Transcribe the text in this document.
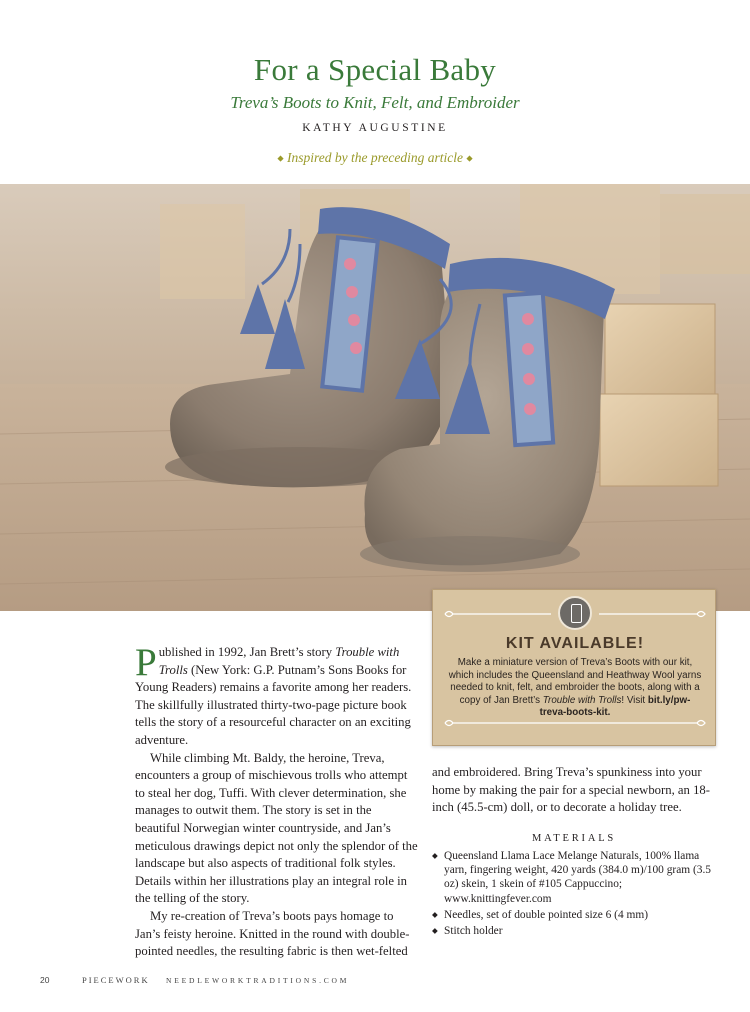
For a Special Baby
Treva’s Boots to Knit, Felt, and Embroider
KATHY AUGUSTINE
⬥ Inspired by the preceding article ⬥
KIT AVAILABLE!
Make a miniature version of Treva’s Boots with our kit, which includes the Queensland and Heathway Wool yarns needed to knit, felt, and embroider the boots, along with a copy of Jan Brett’s Trouble with Trolls! Visit bit.ly/pw-treva-boots-kit.

Published in 1992, Jan Brett’s story Trouble with Trolls (New York: G.P. Putnam’s Sons Books for Young Readers) remains a favorite among her readers. The skillfully illustrated thirty-two-page picture book tells the story of a resourceful character on an exciting adventure.

While climbing Mt. Baldy, the heroine, Treva, encounters a group of mischievous trolls who attempt to steal her dog, Tuffi. With clever determination, she manages to outwit them. The story is set in the beautiful Norwegian winter countryside, and Jan’s meticulous drawings depict not only the splendor of the landscape but also aspects of traditional folk styles. Details within her illustrations play an integral role in the telling of the story.

My re-creation of Treva’s boots pays homage to Jan’s feisty heroine. Knitted in the round with double-pointed needles, the resulting fabric is then wet-felted

and embroidered. Bring Treva’s spunkiness into your home by making the pair for a special newborn, an 18-inch (45.5-cm) doll, or to decorate a holiday tree.

MATERIALS
◆ Queensland Llama Lace Melange Naturals, 100% llama yarn, fingering weight, 420 yards (384.0 m)/100 gram (3.5 oz) skein, 1 skein of #105 Cappuccino; www.knittingfever.com
◆ Needles, set of double pointed size 6 (4 mm)
◆ Stitch holder
20	PIECEWORK NEEDLEWORKTRADITIONS.COM
